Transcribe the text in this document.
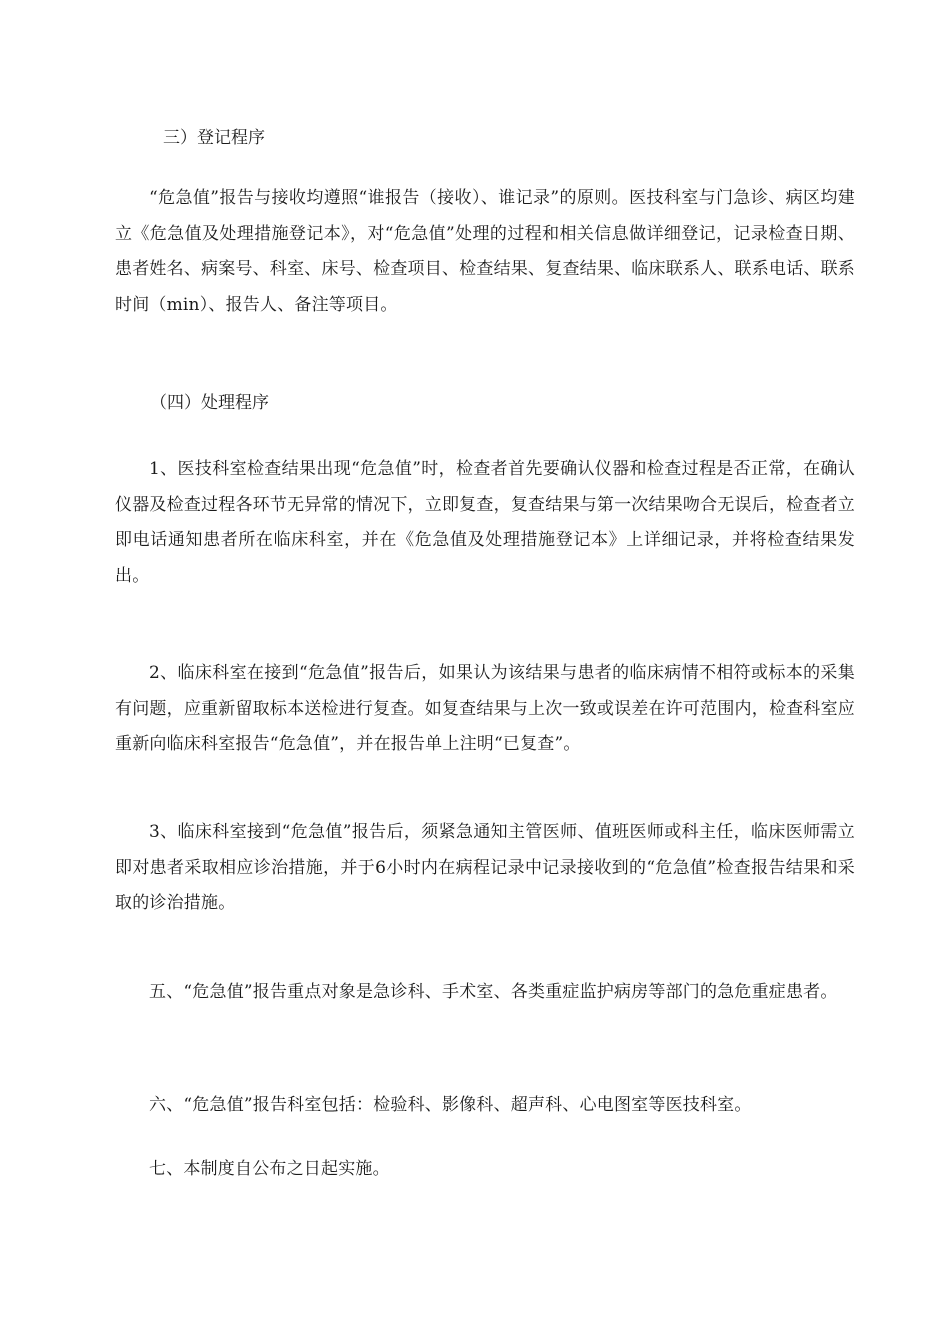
三）登记程序

“危急值”报告与接收均遵照“谁报告（接收）、谁记录”的原则。医技科室与门急诊、病区均建立《危急值及处理措施登记本》，对“危急值”处理的过程和相关信息做详细登记，记录检查日期、患者姓名、病案号、科室、床号、检查项目、检查结果、复查结果、临床联系人、联系电话、联系时间（min）、报告人、备注等项目。

（四）处理程序

1、医技科室检查结果出现“危急值”时，检查者首先要确认仪器和检查过程是否正常，在确认仪器及检查过程各环节无异常的情况下，立即复查，复查结果与第一次结果吻合无误后，检查者立即电话通知患者所在临床科室，并在《危急值及处理措施登记本》上详细记录，并将检查结果发出。

2、临床科室在接到“危急值”报告后，如果认为该结果与患者的临床病情不相符或标本的采集有问题，应重新留取标本送检进行复查。如复查结果与上次一致或误差在许可范围内，检查科室应重新向临床科室报告“危急值”，并在报告单上注明“已复查”。

3、临床科室接到“危急值”报告后，须紧急通知主管医师、值班医师或科主任，临床医师需立即对患者采取相应诊治措施，并于6小时内在病程记录中记录接收到的“危急值”检查报告结果和采取的诊治措施。

五、“危急值”报告重点对象是急诊科、手术室、各类重症监护病房等部门的急危重症患者。

六、“危急值”报告科室包括：检验科、影像科、超声科、心电图室等医技科室。

七、本制度自公布之日起实施。
